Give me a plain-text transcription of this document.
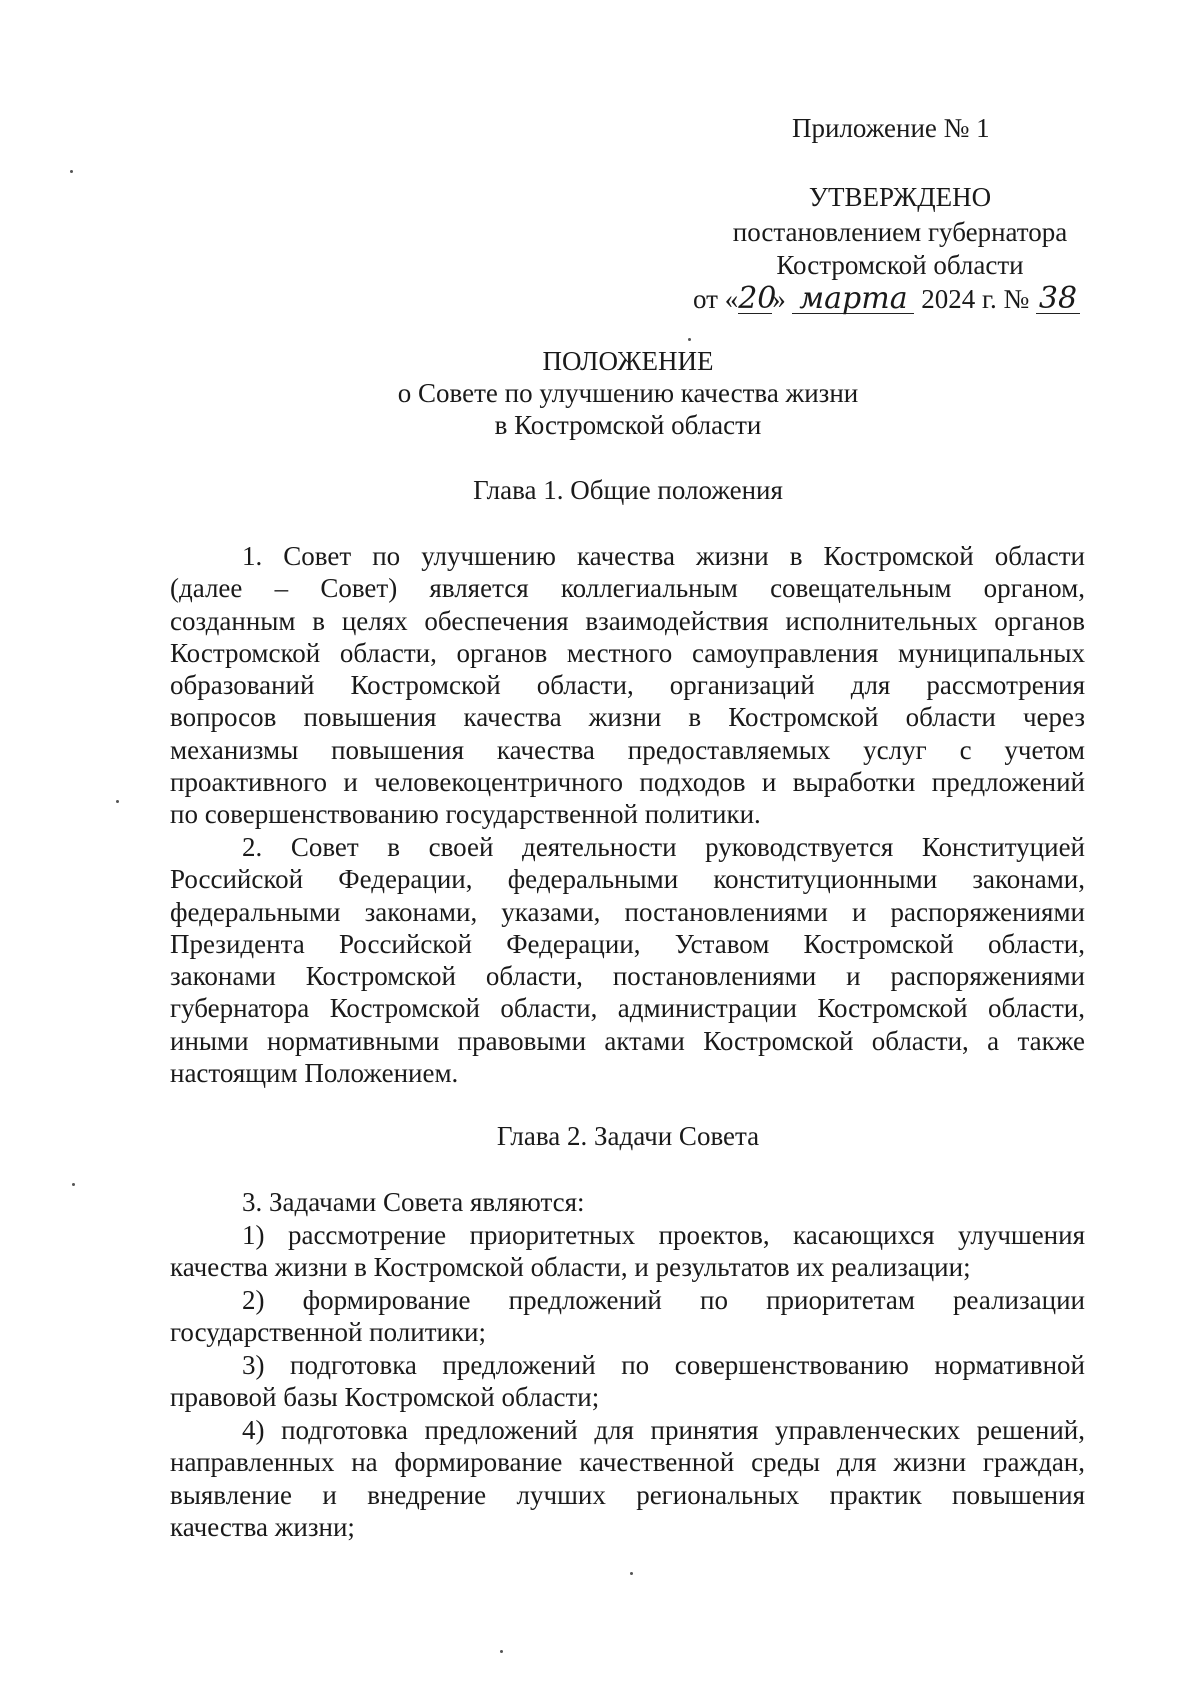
Приложение № 1
УТВЕРЖДЕНО
постановлением губернатора
Костромской области
от «20» марта 2024 г. № 38
ПОЛОЖЕНИЕ
о Совете по улучшению качества жизни
в Костромской области
Глава 1. Общие положения
1. Совет по улучшению качества жизни в Костромской области
(далее – Совет) является коллегиальным совещательным органом,
созданным в целях обеспечения взаимодействия исполнительных органов
Костромской области, органов местного самоуправления муниципальных
образований Костромской области, организаций для рассмотрения
вопросов повышения качества жизни в Костромской области через
механизмы повышения качества предоставляемых услуг с учетом
проактивного и человекоцентричного подходов и выработки предложений
по совершенствованию государственной политики.
2. Совет в своей деятельности руководствуется Конституцией
Российской Федерации, федеральными конституционными законами,
федеральными законами, указами, постановлениями и распоряжениями
Президента Российской Федерации, Уставом Костромской области,
законами Костромской области, постановлениями и распоряжениями
губернатора Костромской области, администрации Костромской области,
иными нормативными правовыми актами Костромской области, а также
настоящим Положением.
Глава 2. Задачи Совета
3. Задачами Совета являются:
1) рассмотрение приоритетных проектов, касающихся улучшения
качества жизни в Костромской области, и результатов их реализации;
2) формирование предложений по приоритетам реализации
государственной политики;
3) подготовка предложений по совершенствованию нормативной
правовой базы Костромской области;
4) подготовка предложений для принятия управленческих решений,
направленных на формирование качественной среды для жизни граждан,
выявление и внедрение лучших региональных практик повышения
качества жизни;
